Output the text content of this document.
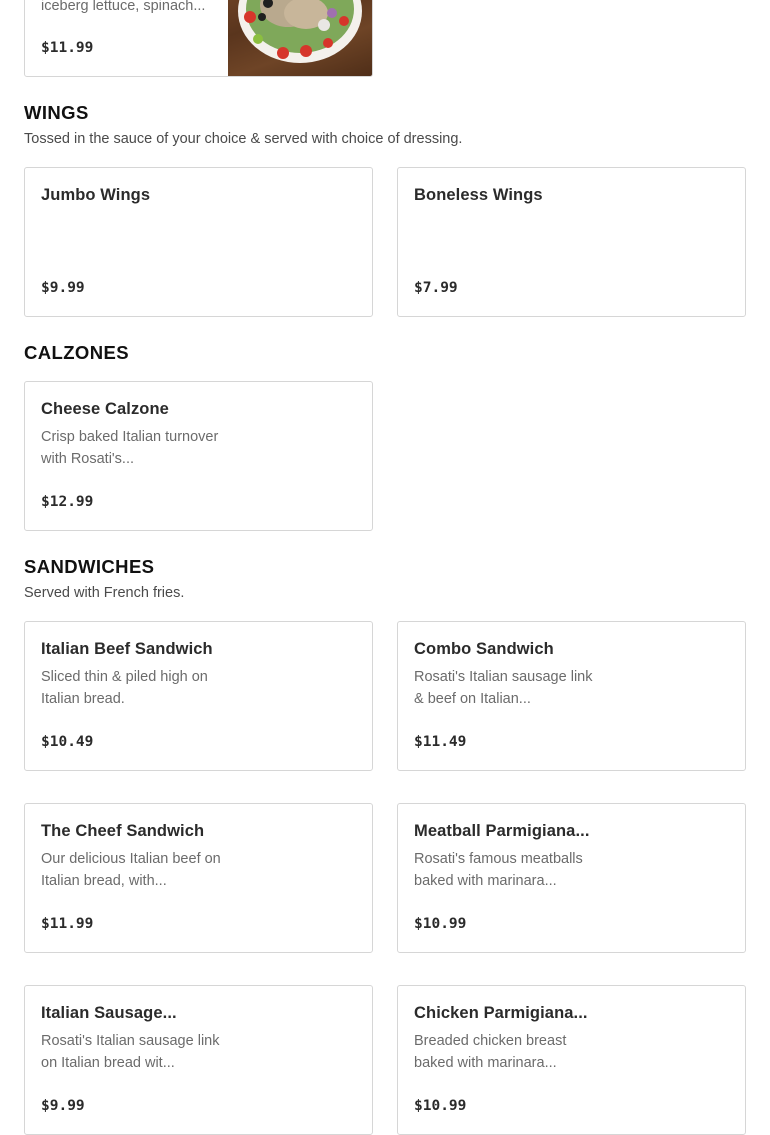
iceberg lettuce, spinach...
$11.99
WINGS

Tossed in the sauce of your choice & served with choice of dressing.

Jumbo Wings
$9.99
Boneless Wings
$7.99
CALZONES
Cheese Calzone
Crisp baked Italian turnover with Rosati's...
$12.99
SANDWICHES

Served with French fries.

Italian Beef Sandwich
Sliced thin & piled high on Italian bread.
$10.49
Combo Sandwich
Rosati's Italian sausage link & beef on Italian...
$11.49
The Cheef Sandwich
Our delicious Italian beef on Italian bread, with...
$11.99
Meatball Parmigiana...
Rosati's famous meatballs baked with marinara...
$10.99
Italian Sausage...
Rosati's Italian sausage link on Italian bread wit...
$9.99
Chicken Parmigiana...
Breaded chicken breast baked with marinara...
$10.99
